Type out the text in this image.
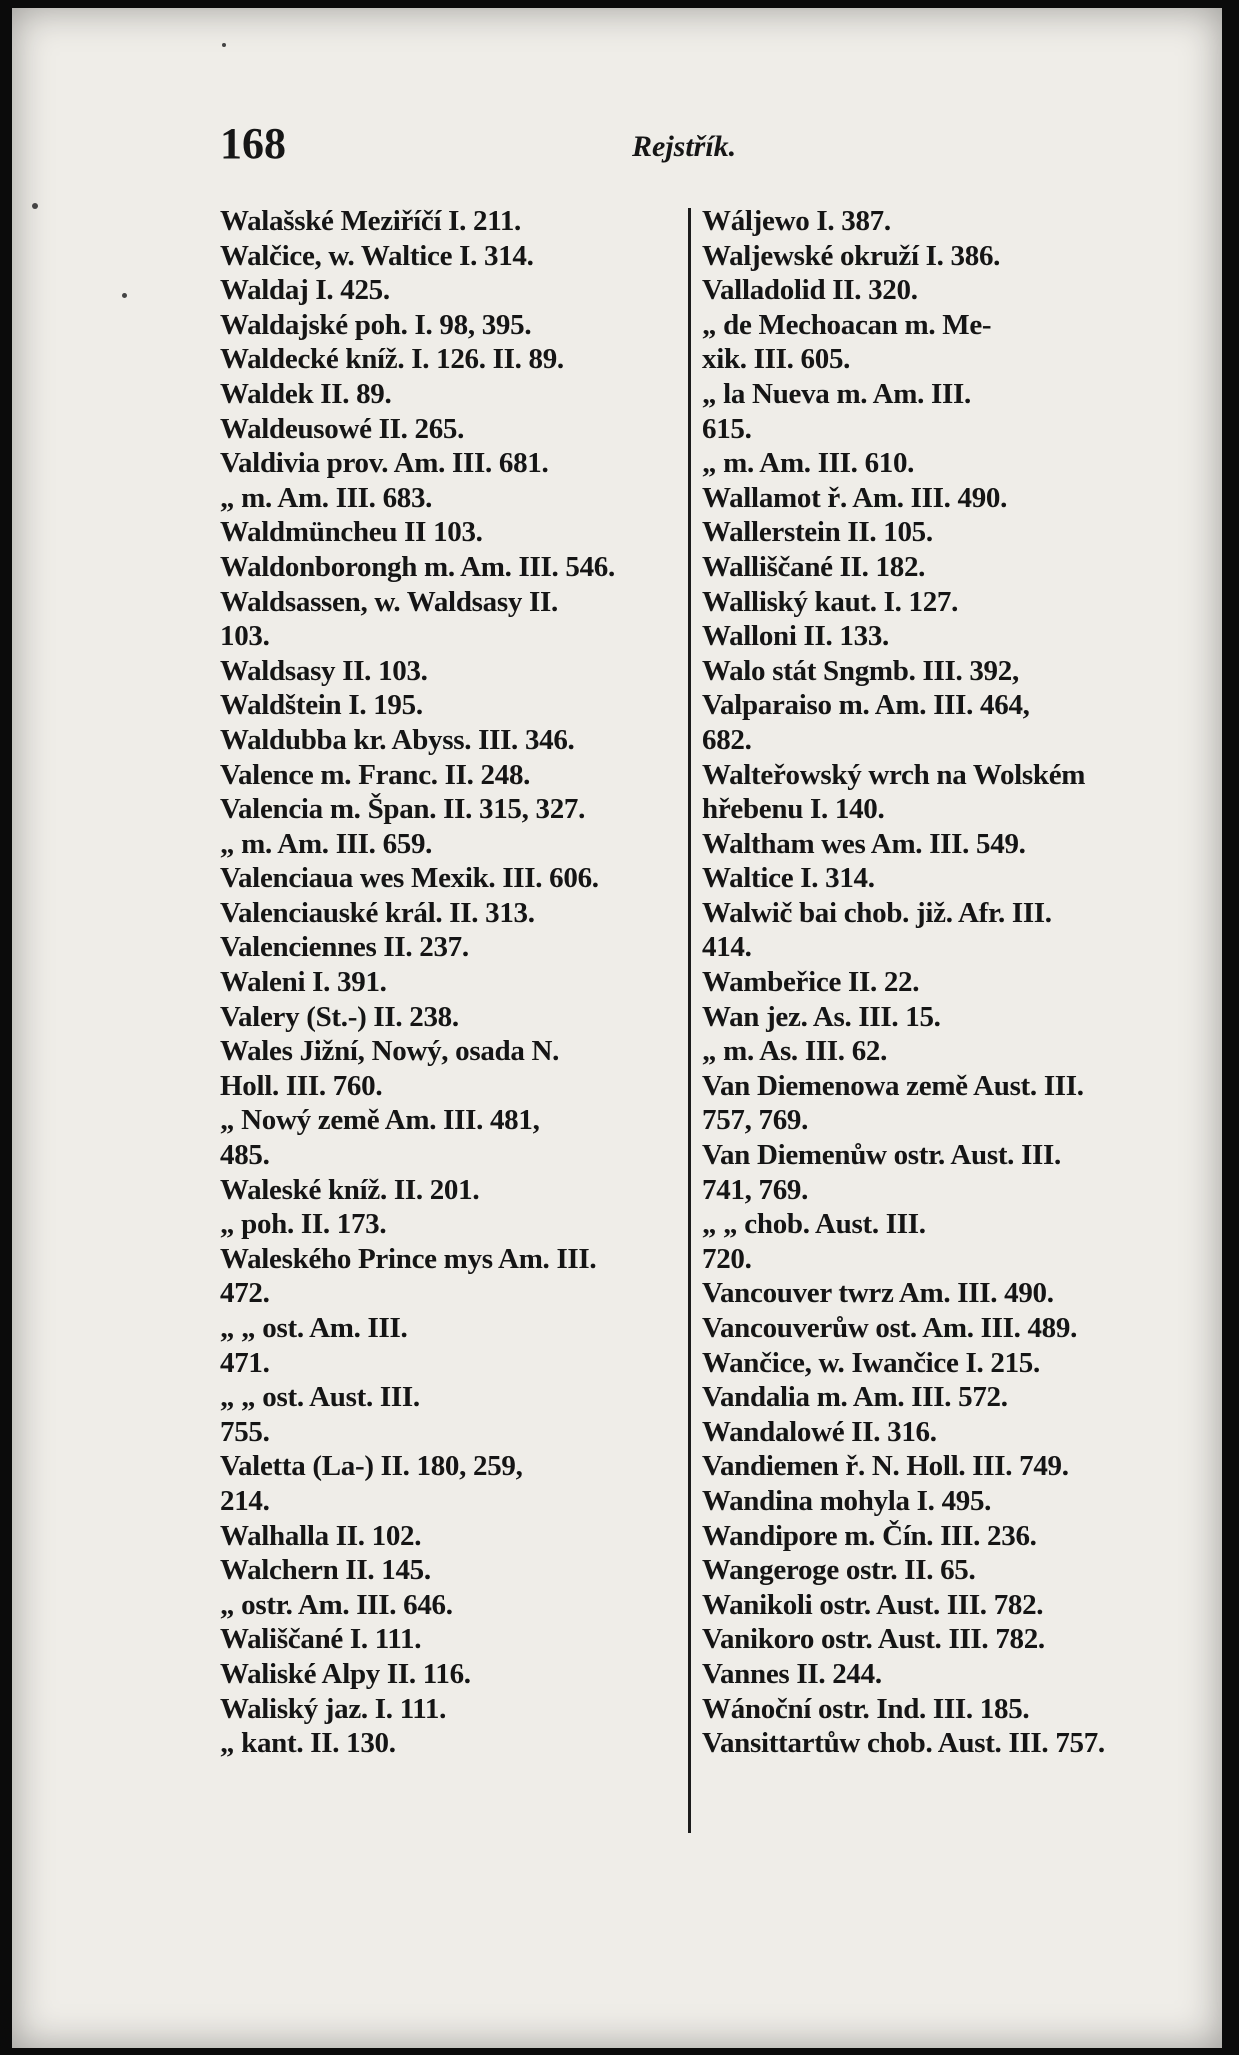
168	Rejstřík.
Walašské Meziříčí I. 211.
Walčice, w. Waltice I. 314.
Waldaj I. 425.
Waldajské poh. I. 98, 395.
Waldecké kníž. I. 126. II. 89.
Waldek II. 89.
Waldeusowé II. 265.
Valdivia prov. Am. III. 681.
„ m. Am. III. 683.
Waldmüncheu II 103.
Waldonborongh m. Am. III. 546.
Waldsassen, w. Waldsasy II.
103.
Waldsasy II. 103.
Waldštein I. 195.
Waldubba kr. Abyss. III. 346.
Valence m. Franc. II. 248.
Valencia m. Špan. II. 315, 327.
„ m. Am. III. 659.
Valenciaua wes Mexik. III. 606.
Valenciauské král. II. 313.
Valenciennes II. 237.
Waleni I. 391.
Valery (St.-) II. 238.
Wales Jižní, Nowý, osada N.
Holl. III. 760.
„ Nowý země Am. III. 481,
485.
Waleské kníž. II. 201.
„ poh. II. 173.
Waleského Prince mys Am. III.
472.
„ „ ost. Am. III.
471.
„ „ ost. Aust. III.
755.
Valetta (La-) II. 180, 259,
214.
Walhalla II. 102.
Walchern II. 145.
„ ostr. Am. III. 646.
Wališčané I. 111.
Waliské Alpy II. 116.
Waliský jaz. I. 111.
„ kant. II. 130.
Wáljewo I. 387.
Waljewské okruží I. 386.
Valladolid II. 320.
„ de Mechoacan m. Me-
xik. III. 605.
„ la Nueva m. Am. III.
615.
„ m. Am. III. 610.
Wallamot ř. Am. III. 490.
Wallerstein II. 105.
Walliščané II. 182.
Walliský kaut. I. 127.
Walloni II. 133.
Walo stát Sngmb. III. 392,
Valparaiso m. Am. III. 464,
682.
Walteřowský wrch na Wolském
hřebenu I. 140.
Waltham wes Am. III. 549.
Waltice I. 314.
Walwič bai chob. již. Afr. III.
414.
Wambeřice II. 22.
Wan jez. As. III. 15.
„ m. As. III. 62.
Van Diemenowa země Aust. III.
757, 769.
Van Diemenůw ostr. Aust. III.
741, 769.
„ „ chob. Aust. III.
720.
Vancouver twrz Am. III. 490.
Vancouverůw ost. Am. III. 489.
Wančice, w. Iwančice I. 215.
Vandalia m. Am. III. 572.
Wandalowé II. 316.
Vandiemen ř. N. Holl. III. 749.
Wandina mohyla I. 495.
Wandipore m. Čín. III. 236.
Wangeroge ostr. II. 65.
Wanikoli ostr. Aust. III. 782.
Vanikoro ostr. Aust. III. 782.
Vannes II. 244.
Wánoční ostr. Ind. III. 185.
Vansittartůw chob. Aust. III. 757.
